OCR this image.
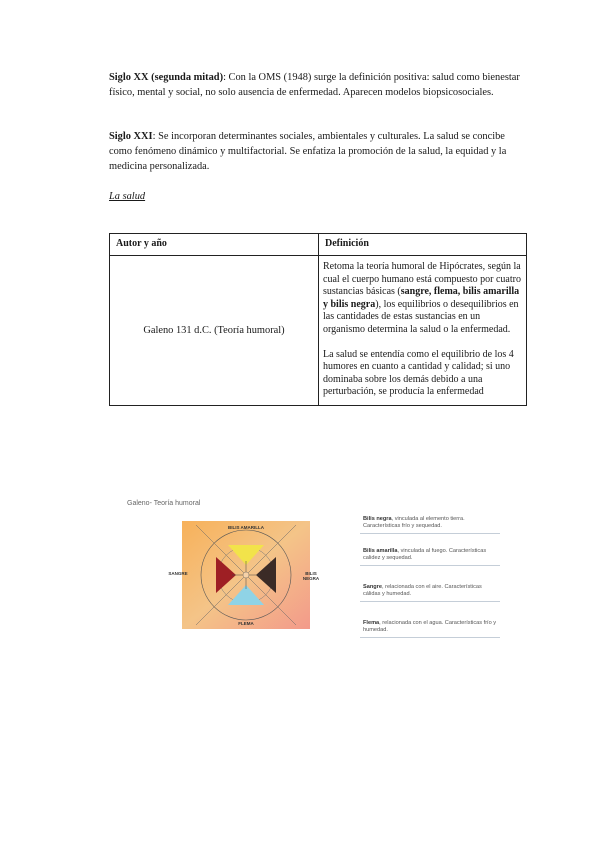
Siglo XX (segunda mitad): Con la OMS (1948) surge la definición positiva: salud como bienestar físico, mental y social, no solo ausencia de enfermedad. Aparecen modelos biopsicosociales.

Siglo XXI: Se incorporan determinantes sociales, ambientales y culturales. La salud se concibe como fenómeno dinámico y multifactorial. Se enfatiza la promoción de la salud, la equidad y la medicina personalizada.

La salud

Autor y año	Definición
Galeno 131 d.C. (Teoría humoral)	Retoma la teoría humoral de Hipócrates, según la cual el cuerpo humano está compuesto por cuatro sustancias básicas (sangre, flema, bilis amarilla y bilis negra), los equilibrios o desequilibrios en las cantidades de estas sustancias en un organismo determina la salud o la enfermedad.

La salud se entendía como el equilibrio de los 4 humores en cuanto a cantidad y calidad; si uno dominaba sobre los demás debido a una perturbación, se producía la enfermedad

Galeno- Teoría humoral
BILIS AMARILLA
SANGRE	BILIS NEGRA
FLEMA
Bilis negra, vinculada al elemento tierra. Características frío y sequedad.
Bilis amarilla, vinculada al fuego. Características calidez y sequedad.
Sangre, relacionada con el aire. Características cálidas y humedad.
Flema, relacionada con el agua. Características frío y humedad.
